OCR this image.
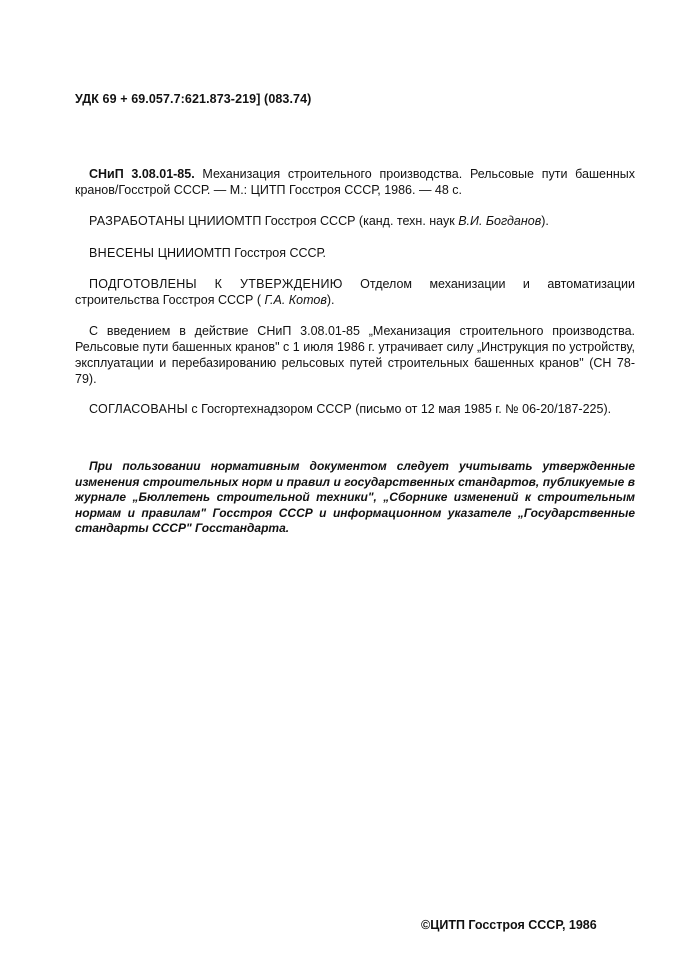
УДК 69 + 69.057.7:621.873-219] (083.74)
СНиП 3.08.01-85. Механизация строительного производства. Рельсовые пути башенных кранов/Госстрой СССР. — М.: ЦИТП Госстроя СССР, 1986. — 48 с.
РАЗРАБОТАНЫ ЦНИИОМТП Госстроя СССР (канд. техн. наук В.И. Богданов).
ВНЕСЕНЫ ЦНИИОМТП Госстроя СССР.
ПОДГОТОВЛЕНЫ К УТВЕРЖДЕНИЮ Отделом механизации и автоматизации строительства Госстроя СССР ( Г.А. Котов).
С введением в действие СНиП 3.08.01-85 „Механизация строительного производства. Рельсовые пути башенных кранов" с 1 июля 1986 г. утрачивает силу „Инструкция по устройству, эксплуатации и перебазированию рельсовых путей строительных башенных кранов" (СН 78-79).
СОГЛАСОВАНЫ с Госгортехнадзором СССР (письмо от 12 мая 1985 г. № 06-20/187-225).
При пользовании нормативным документом следует учитывать утвержденные изменения строительных норм и правил и государственных стандартов, публикуемые в журнале „Бюллетень строительной техники", „Сборнике изменений к строительным нормам и правилам" Госстроя СССР и информационном указателе „Государственные стандарты СССР" Госстандарта.
©ЦИТП Госстроя СССР, 1986
